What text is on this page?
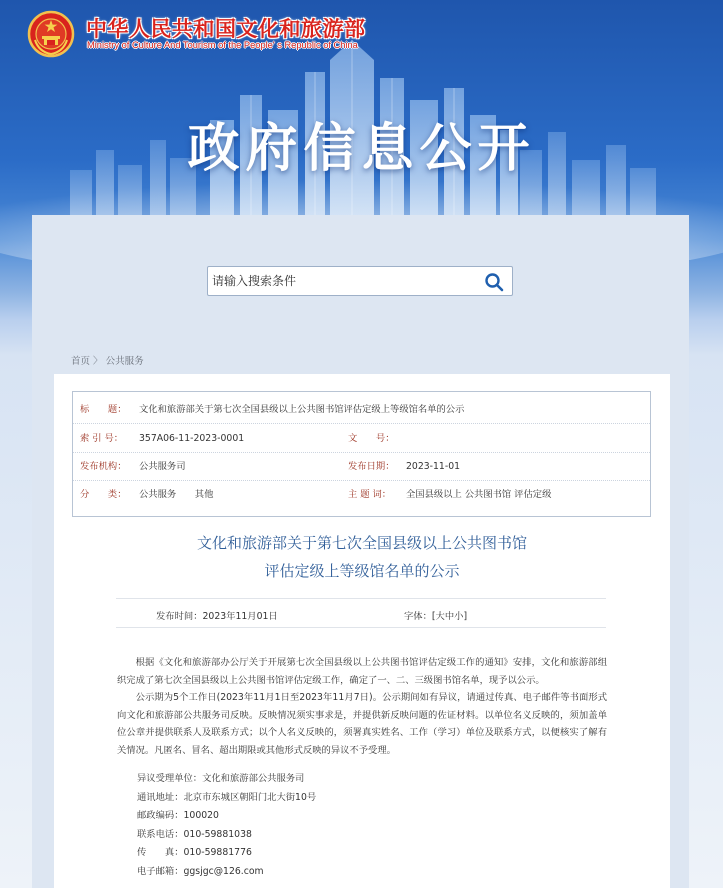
中华人民共和国文化和旅游部
Ministry of Culture And Tourism of the People' s Republic of China
政府信息公开
请输入搜索条件
首页 〉 公共服务
标　　题： 文化和旅游部关于第七次全国县级以上公共图书馆评估定级上等级馆名单的公示
索 引 号： 357A06-11-2023-0001	文　　号：
发布机构： 公共服务司	发布日期： 2023-11-01
分　　类： 公共服务　　其他	主 题 词： 全国县级以上 公共图书馆 评估定级
文化和旅游部关于第七次全国县级以上公共图书馆
评估定级上等级馆名单的公示
发布时间：2023年11月01日	字体：[大中小]

根据《文化和旅游部办公厅关于开展第七次全国县级以上公共图书馆评估定级工作的通知》安排，文化和旅游部组织完成了第七次全国县级以上公共图书馆评估定级工作，确定了一、二、三级图书馆名单，现予以公示。

公示期为5个工作日(2023年11月1日至2023年11月7日)。公示期间如有异议，请通过传真、电子邮件等书面形式向文化和旅游部公共服务司反映。反映情况须实事求是，并提供新反映问题的佐证材料。以单位名义反映的，须加盖单位公章并提供联系人及联系方式；以个人名义反映的，须署真实姓名、工作（学习）单位及联系方式，以便核实了解有关情况。凡匿名、冒名、超出期限或其他形式反映的异议不予受理。

异议受理单位：文化和旅游部公共服务司
通讯地址：北京市东城区朝阳门北大街10号
邮政编码：100020
联系电话：010-59881038
传　　真：010-59881776
电子邮箱：ggsjgc@126.com
